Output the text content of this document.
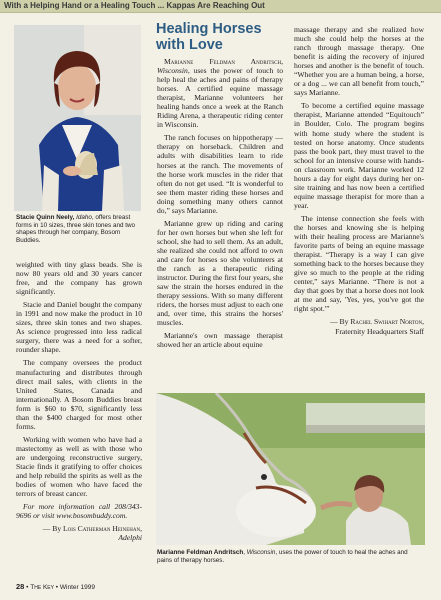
With a Helping Hand or a Healing Touch ... Kappas Are Reaching Out
Stacie Quinn Neely, Idaho, offers breast forms in 10 sizes, three skin tones and two shapes through her company, Bosom Buddies.

weighted with tiny glass beads. She is now 80 years old and 30 years cancer free, and the company has grown significantly.

Stacie and Daniel bought the company in 1991 and now make the product in 10 sizes, three skin tones and two shapes. As science progressed into less radical surgery, there was a need for a softer, rounder shape.

The company oversees the product manufacturing and distributes through direct mail sales, with clients in the United States, Canada and internationally. A Bosom Buddies breast form is $60 to $70, significantly less than the $400 charged for most other forms.

Working with women who have had a mastectomy as well as with those who are undergoing reconstructive surgery, Stacie finds it gratifying to offer choices and help rebuild the spirits as well as the bodies of women who have faced the terrors of breast cancer.

For more information call 208/343-9696 or visit www.bosombuddy.com.

— By Lois Catherman Heinehan,
Adelphi

Healing Horses with Love

Marianne Feldman Andritsch, Wisconsin, uses the power of touch to help heal the aches and pains of therapy horses. A certified equine massage therapist, Marianne volunteers her healing hands once a week at the Ranch Riding Arena, a therapeutic riding center in Wisconsin.

The ranch focuses on hippotherapy — therapy on horseback. Children and adults with disabilities learn to ride horses at the ranch. The movements of the horse work muscles in the rider that often do not get used. “It is wonderful to see them master riding these horses and doing something many others cannot do,” says Marianne.

Marianne grew up riding and caring for her own horses but when she left for school, she had to sell them. As an adult, she realized she could not afford to own and care for horses so she volunteers at the ranch as a therapeutic riding instructor. During the first four years, she saw the strain the horses endured in the therapy sessions. With so many different riders, the horses must adjust to each one and, over time, this strains the horses' muscles.

Marianne's own massage therapist showed her an article about equine

massage therapy and she realized how much she could help the horses at the ranch through massage therapy. One benefit is aiding the recovery of injured horses and another is the benefit of touch. “Whether you are a human being, a horse, or a dog ... we can all benefit from touch,” says Marianne.

To become a certified equine massage therapist, Marianne attended “Equitouch” in Boulder, Colo. The program begins with home study where the student is tested on horse anatomy. Once students pass the book part, they must travel to the school for an intensive course with hands-on classroom work. Marianne worked 12 hours a day for eight days during her on-site training and has now been a certified equine massage therapist for more than a year.

The intense connection she feels with the horses and knowing she is helping with their healing process are Marianne's favorite parts of being an equine massage therapist. “Therapy is a way I can give something back to the horses because they give so much to the people at the riding center,” says Marianne. “There is not a day that goes by that a horse does not look at me and say, 'Yes, yes, you've got the right spot.'”

— By Rachel Swihart Norton,
Fraternity Headquarters Staff

Marianne Feldman Andritsch, Wisconsin, uses the power of touch to heal the aches and pains of therapy horses.
28 • The Key • Winter 1999
